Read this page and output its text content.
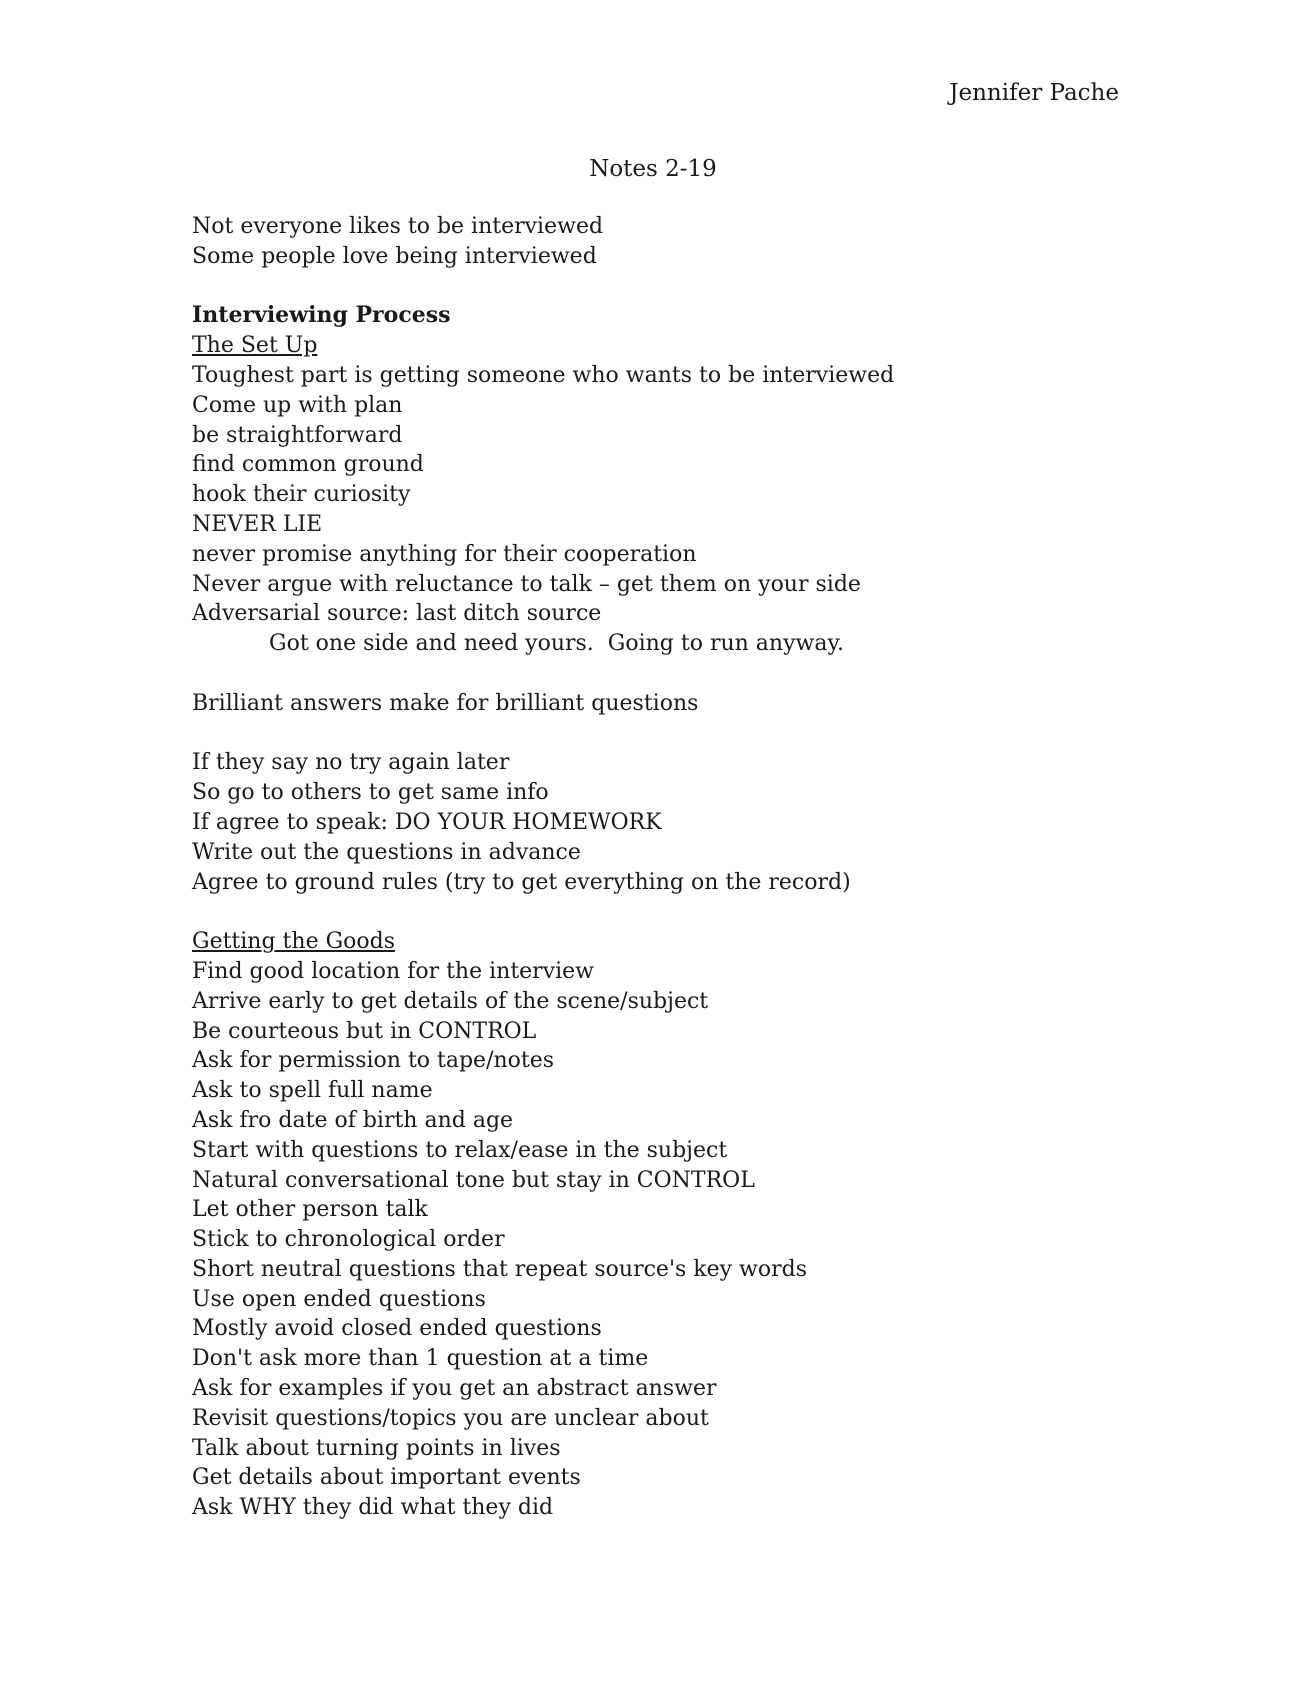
Jennifer Pache
Notes 2-19
Not everyone likes to be interviewed
Some people love being interviewed
Interviewing Process
The Set Up
Toughest part is getting someone who wants to be interviewed
Come up with plan
be straightforward
find common ground
hook their curiosity
NEVER LIE
never promise anything for their cooperation
Never argue with reluctance to talk – get them on your side
Adversarial source: last ditch source
Got one side and need yours.  Going to run anyway.
Brilliant answers make for brilliant questions
If they say no try again later
So go to others to get same info
If agree to speak: DO YOUR HOMEWORK
Write out the questions in advance
Agree to ground rules (try to get everything on the record)
Getting the Goods
Find good location for the interview
Arrive early to get details of the scene/subject
Be courteous but in CONTROL
Ask for permission to tape/notes
Ask to spell full name
Ask fro date of birth and age
Start with questions to relax/ease in the subject
Natural conversational tone but stay in CONTROL
Let other person talk
Stick to chronological order
Short neutral questions that repeat source's key words
Use open ended questions
Mostly avoid closed ended questions
Don't ask more than 1 question at a time
Ask for examples if you get an abstract answer
Revisit questions/topics you are unclear about
Talk about turning points in lives
Get details about important events
Ask WHY they did what they did
